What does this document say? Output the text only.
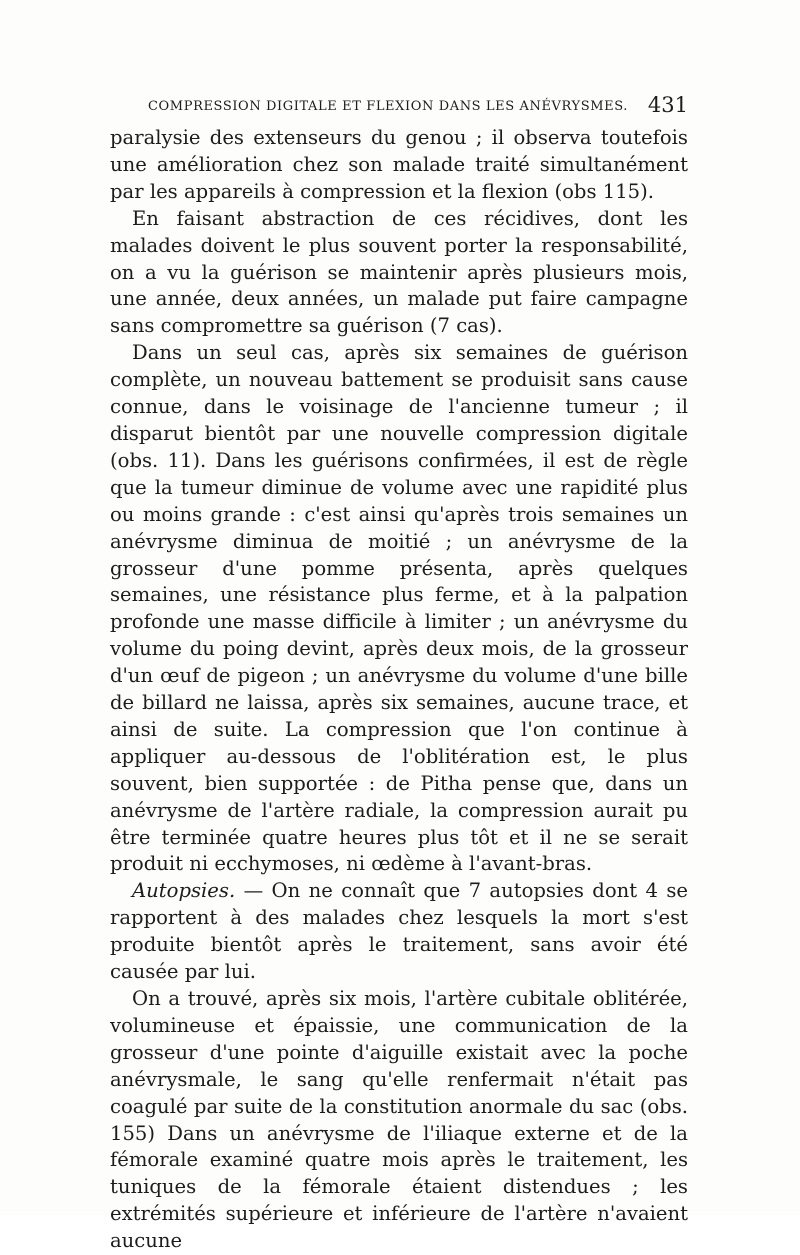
COMPRESSION DIGITALE ET FLEXION DANS LES ANÉVRYSMES. 431

paralysie des extenseurs du genou ; il observa toutefois une amélioration chez son malade traité simultanément par les appareils à compression et la flexion (obs 115).

En faisant abstraction de ces récidives, dont les malades doivent le plus souvent porter la responsabilité, on a vu la guérison se maintenir après plusieurs mois, une année, deux années, un malade put faire campagne sans compromettre sa guérison (7 cas).

Dans un seul cas, après six semaines de guérison complète, un nouveau battement se produisit sans cause connue, dans le voisinage de l'ancienne tumeur ; il disparut bientôt par une nouvelle compression digitale (obs. 11). Dans les guérisons confirmées, il est de règle que la tumeur diminue de volume avec une rapidité plus ou moins grande : c'est ainsi qu'après trois semaines un anévrysme diminua de moitié ; un anévrysme de la grosseur d'une pomme présenta, après quelques semaines, une résistance plus ferme, et à la palpation profonde une masse difficile à limiter ; un anévrysme du volume du poing devint, après deux mois, de la grosseur d'un œuf de pigeon ; un anévrysme du volume d'une bille de billard ne laissa, après six semaines, aucune trace, et ainsi de suite. La compression que l'on continue à appliquer au-dessous de l'oblitération est, le plus souvent, bien supportée : de Pitha pense que, dans un anévrysme de l'artère radiale, la compression aurait pu être terminée quatre heures plus tôt et il ne se serait produit ni ecchymoses, ni œdème à l'avant-bras.

Autopsies. — On ne connaît que 7 autopsies dont 4 se rapportent à des malades chez lesquels la mort s'est produite bientôt après le traitement, sans avoir été causée par lui.

On a trouvé, après six mois, l'artère cubitale oblitérée, volumineuse et épaissie, une communication de la grosseur d'une pointe d'aiguille existait avec la poche anévrysmale, le sang qu'elle renfermait n'était pas coagulé par suite de la constitution anormale du sac (obs. 155) Dans un anévrysme de l'iliaque externe et de la fémorale examiné quatre mois après le traitement, les tuniques de la fémorale étaient distendues ; les extrémités supérieure et inférieure de l'artère n'avaient aucune
